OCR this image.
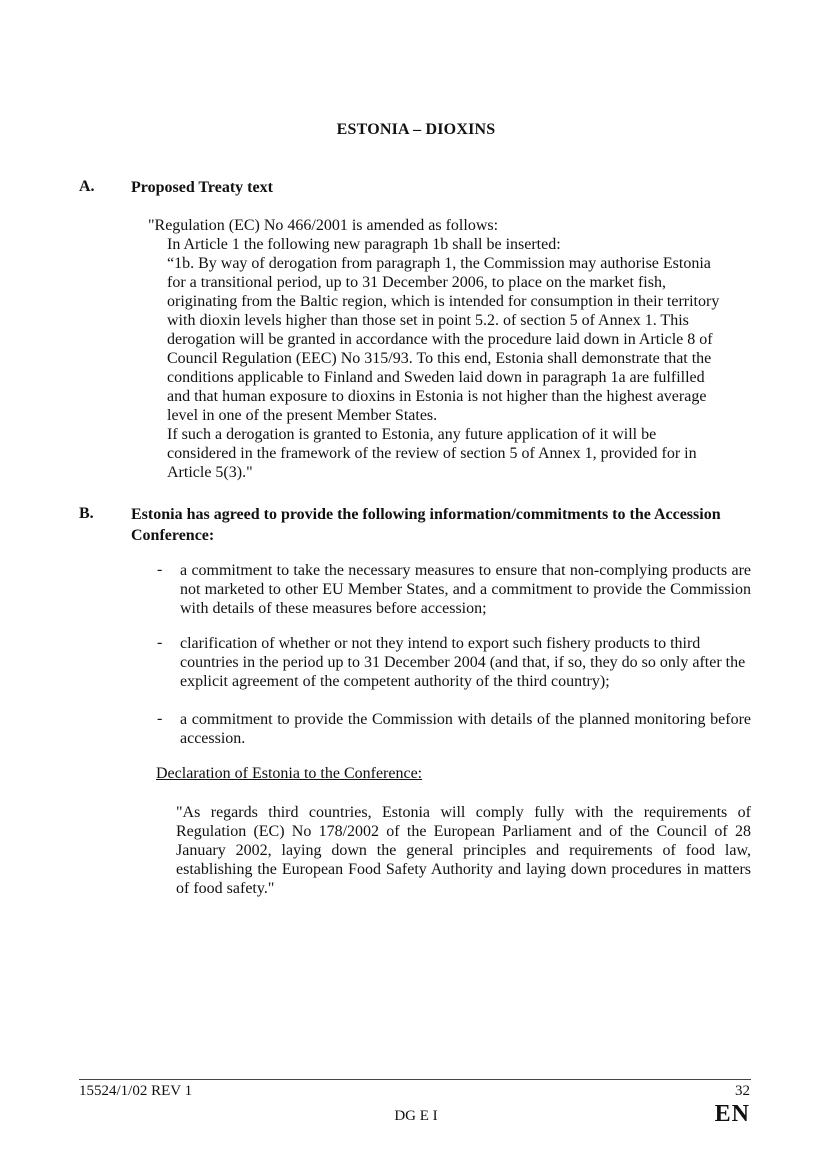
ESTONIA – DIOXINS
A. Proposed Treaty text
"Regulation (EC) No 466/2001 is amended as follows:
In Article 1 the following new paragraph 1b shall be inserted:
“1b. By way of derogation from paragraph 1, the Commission may authorise Estonia
for a transitional period, up to 31 December 2006, to place on the market fish,
originating from the Baltic region, which is intended for consumption in their territory
with dioxin levels higher than those set in point 5.2. of section 5 of Annex 1. This
derogation will be granted in accordance with the procedure laid down in Article 8 of
Council Regulation (EEC) No 315/93. To this end, Estonia shall demonstrate that the
conditions applicable to Finland and Sweden laid down in paragraph 1a are fulfilled
and that human exposure to dioxins in Estonia is not higher than the highest average
level in one of the present Member States.
If such a derogation is granted to Estonia, any future application of it will be
considered in the framework of the review of section 5 of Annex 1, provided for in
Article 5(3)."
B. Estonia has agreed to provide the following information/commitments to the Accession
Conference:
- a commitment to take the necessary measures to ensure that non-complying products are not marketed to other EU Member States, and a commitment to provide the Commission with details of these measures before accession;
- clarification of whether or not they intend to export such fishery products to third countries in the period up to 31 December 2004 (and that, if so, they do so only after the explicit agreement of the competent authority of the third country);
- a commitment to provide the Commission with details of the planned monitoring before accession.
Declaration of Estonia to the Conference:
"As regards third countries, Estonia will comply fully with the requirements of Regulation (EC) No 178/2002 of the European Parliament and of the Council of 28 January 2002, laying down the general principles and requirements of food law, establishing the European Food Safety Authority and laying down procedures in matters of food safety."
15524/1/02 REV 1	32
DG E I	EN
